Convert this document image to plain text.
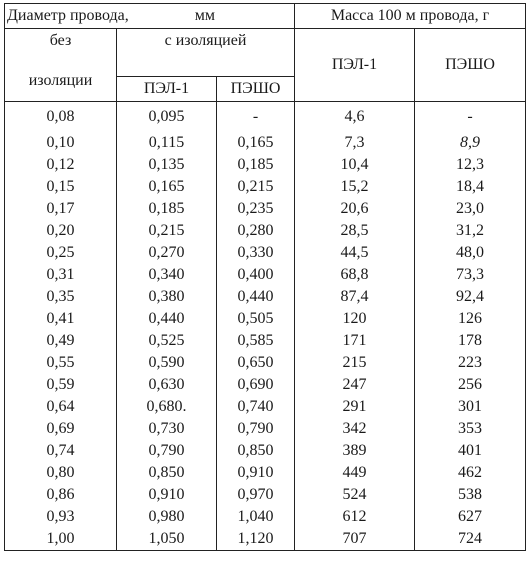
Диаметр провода, мм			Масса 100 м провода, г	

без
изоляции	с изоляцией		ПЭЛ-1	ПЭШО
	ПЭЛ-1	ПЭШО		
0,08	0,095	-	4,6	-
0,10	0,115	0,165	7,3	8,9
0,12	0,135	0,185	10,4	12,3
0,15	0,165	0,215	15,2	18,4
0,17	0,185	0,235	20,6	23,0
0,20	0,215	0,280	28,5	31,2
0,25	0,270	0,330	44,5	48,0
0,31	0,340	0,400	68,8	73,3
0,35	0,380	0,440	87,4	92,4
0,41	0,440	0,505	120	126
0,49	0,525	0,585	171	178
0,55	0,590	0,650	215	223
0,59	0,630	0,690	247	256
0,64	0,680.	0,740	291	301
0,69	0,730	0,790	342	353
0,74	0,790	0,850	389	401
0,80	0,850	0,910	449	462
0,86	0,910	0,970	524	538
0,93	0,980	1,040	612	627
1,00	1,050	1,120	707	724
